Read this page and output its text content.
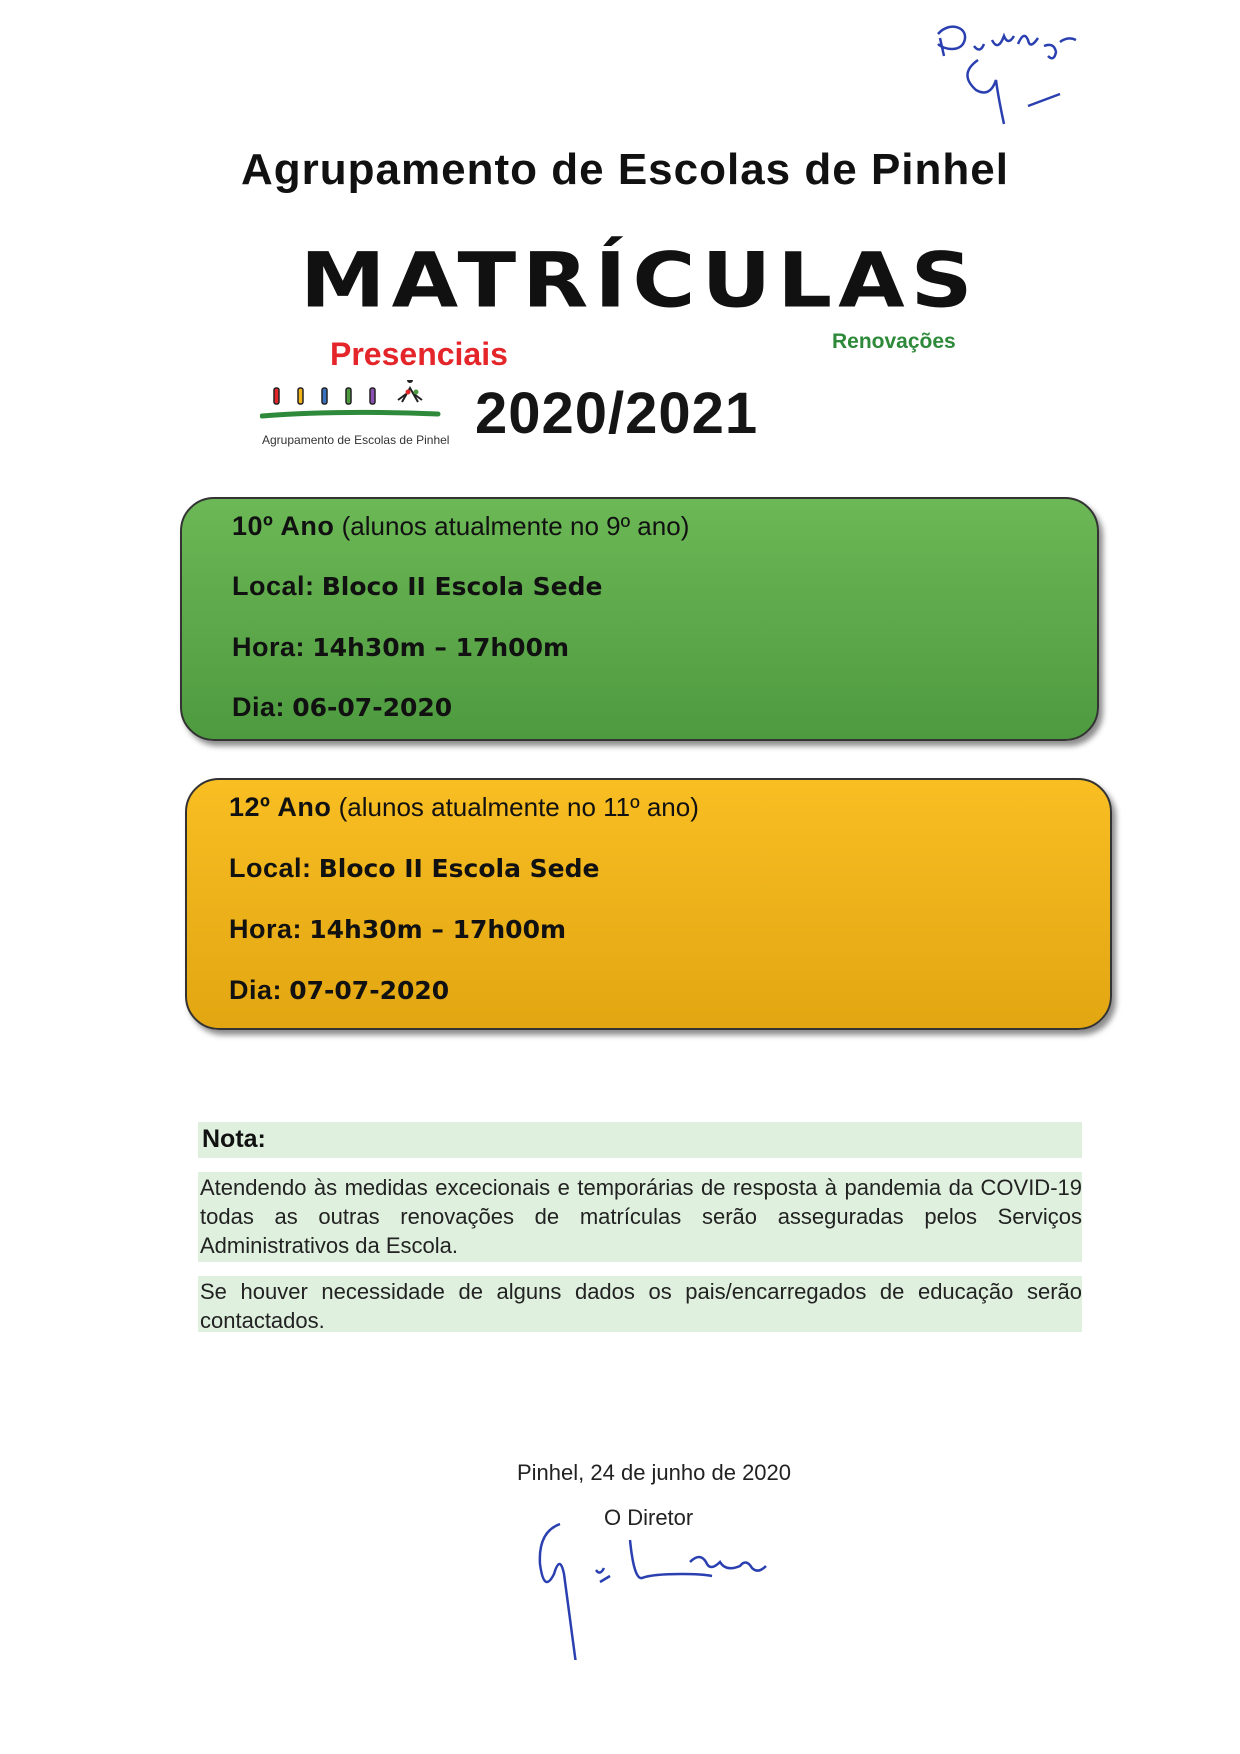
Agrupamento de Escolas de Pinhel
MATRÍCULAS
Presenciais	Renovações
Agrupamento de Escolas de Pinhel 2020/2021
10º Ano (alunos atualmente no 9º ano)
Local: Bloco II Escola Sede
Hora: 14h30m – 17h00m
Dia: 06-07-2020
12º Ano (alunos atualmente no 11º ano)
Local: Bloco II Escola Sede
Hora: 14h30m – 17h00m
Dia: 07-07-2020
Nota:
Atendendo às medidas excecionais e temporárias de resposta à pandemia da COVID-19 todas as outras renovações de matrículas serão asseguradas pelos Serviços Administrativos da Escola.
Se houver necessidade de alguns dados os pais/encarregados de educação serão contactados.
Pinhel, 24 de junho de 2020
O Diretor
